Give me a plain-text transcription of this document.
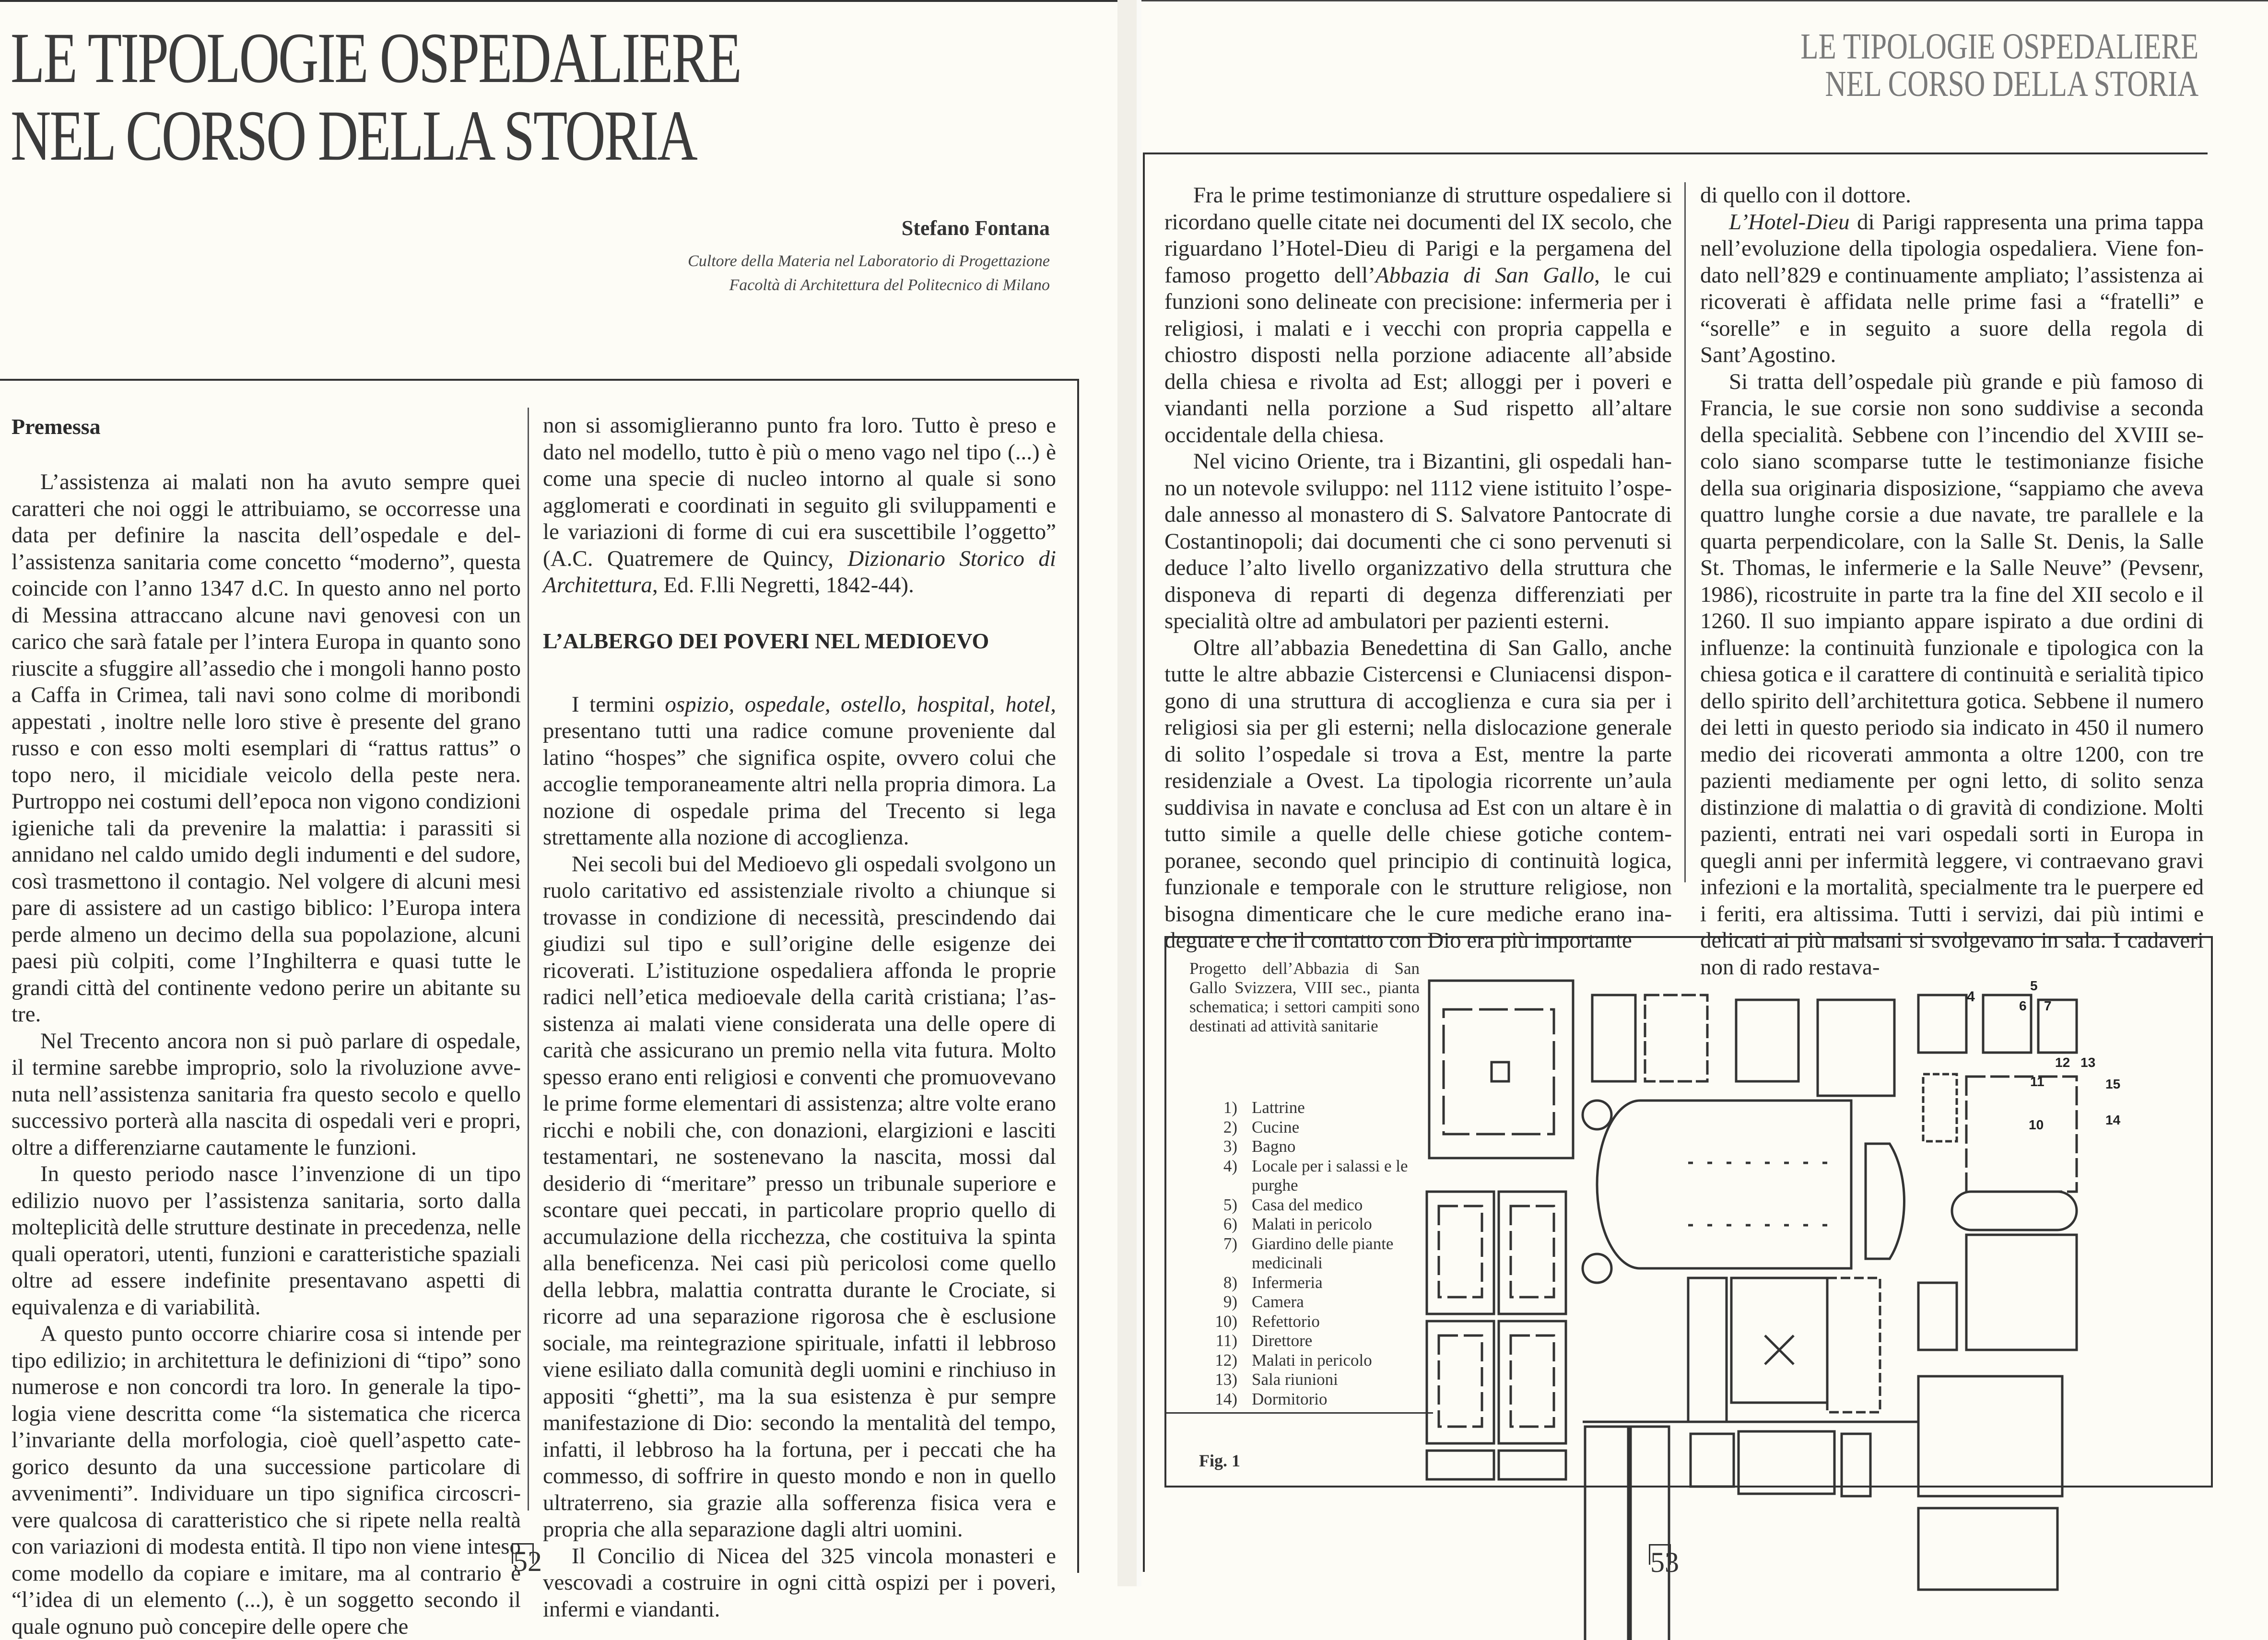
LE TIPOLOGIE OSPEDALIERE
NEL CORSO DELLA STORIA
Stefano Fontana
Cultore della Materia nel Laboratorio di Progettazione
Facoltà di Architettura del Politecnico di Milano
Premessa

L’assistenza ai malati non ha avuto sempre quei caratteri che noi oggi le attribuiamo, se occorresse una data per definire la nascita dell’ospedale e dell’assistenza sanitaria come concetto “moderno”, questa coincide con l’anno 1347 d.C. In questo anno nel porto di Messina attraccano alcune navi genovesi con un carico che sarà fatale per l’intera Europa in quanto sono riuscite a sfuggire all’assedio che i mongoli hanno posto a Caffa in Crimea, tali navi sono colme di moribondi appestati , inoltre nelle loro stive è presente del grano russo e con esso molti esemplari di “rattus rattus” o topo nero, il micidiale veicolo della peste nera. Purtroppo nei costumi dell’epoca non vigono condizioni igieniche tali da prevenire la malattia: i parassiti si annidano nel caldo umido degli indumenti e del sudore, così trasmettono il contagio. Nel volgere di alcuni mesi pare di assistere ad un castigo biblico: l’Europa intera perde almeno un decimo della sua popolazione, alcuni paesi più colpiti, come l’Inghilterra e quasi tutte le grandi città del continente vedono perire un abitante su tre.

Nel Trecento ancora non si può parlare di ospedale, il termine sarebbe improprio, solo la rivoluzione avvenuta nell’assistenza sanitaria fra questo secolo e quello successivo porterà alla nascita di ospedali veri e propri, oltre a differenziarne cautamente le funzioni.

In questo periodo nasce l’invenzione di un tipo edilizio nuovo per l’assistenza sanitaria, sorto dalla molteplicità delle strutture destinate in precedenza, nelle quali operatori, utenti, funzioni e caratteristiche spaziali oltre ad essere indefinite presentavano aspetti di equivalenza e di variabilità.

A questo punto occorre chiarire cosa si intende per tipo edilizio; in architettura le definizioni di “tipo” sono numerose e non concordi tra loro. In generale la tipologia viene descritta come “la sistematica che ricerca l’invariante della morfologia, cioè quell’aspetto categorico desunto da una successione particolare di avvenimenti”. Individuare un tipo significa circoscrivere qualcosa di caratteristico che si ripete nella realtà con variazioni di modesta entità. Il tipo non viene inteso come modello da copiare e imitare, ma al contrario è “l’idea di un elemento (...), è un soggetto secondo il quale ognuno può concepire delle opere che

non si assomiglieranno punto fra loro. Tutto è preso e dato nel modello, tutto è più o meno vago nel tipo (...) è come una specie di nucleo intorno al quale si sono agglomerati e coordinati in seguito gli sviluppamenti e le variazioni di forme di cui era suscettibile l’oggetto” (A.C. Quatremere de Quincy, Dizionario Storico di Architettura, Ed. F.lli Negretti, 1842-44).

L’ALBERGO DEI POVERI NEL MEDIOEVO

I termini ospizio, ospedale, ostello, hospital, hotel, presentano tutti una radice comune proveniente dal latino “hospes” che significa ospite, ovvero colui che accoglie temporaneamente altri nella propria dimora. La nozione di ospedale prima del Trecento si lega strettamente alla nozione di accoglienza.

Nei secoli bui del Medioevo gli ospedali svolgono un ruolo caritativo ed assistenziale rivolto a chiunque si trovasse in condizione di necessità, prescindendo dai giudizi sul tipo e sull’origine delle esigenze dei ricoverati. L’istituzione ospedaliera affonda le proprie radici nell’etica medioevale della carità cristiana; l’assistenza ai malati viene considerata una delle opere di carità che assicurano un premio nella vita futura. Molto spesso erano enti religiosi e conventi che promuovevano le prime forme elementari di assistenza; altre volte erano ricchi e nobili che, con donazioni, elargizioni e lasciti testamentari, ne sostenevano la nascita, mossi dal desiderio di “meritare” presso un tribunale superiore e scontare quei peccati, in particolare proprio quello di accumulazione della ricchezza, che costituiva la spinta alla beneficenza. Nei casi più pericolosi come quello della lebbra, malattia contratta durante le Crociate, si ricorre ad una separazione rigorosa che è esclusione sociale, ma reintegrazione spirituale, infatti il lebbroso viene esiliato dalla comunità degli uomini e rinchiuso in appositi “ghetti”, ma la sua esistenza è pur sempre manifestazione di Dio: secondo la mentalità del tempo, infatti, il lebbroso ha la fortuna, per i peccati che ha commesso, di soffrire in questo mondo e non in quello ultraterreno, sia grazie alla sofferenza fisica vera e propria che alla separazione dagli altri uomini.

Il Concilio di Nicea del 325 vincola monasteri e vescovadi a costruire in ogni città ospizi per i poveri, infermi e viandanti.

52
LE TIPOLOGIE OSPEDALIERE
NEL CORSO DELLA STORIA

Fra le prime testimonianze di strutture ospedaliere si ricordano quelle citate nei documenti del IX secolo, che riguardano l’Hotel-Dieu di Parigi e la pergamena del famoso progetto dell’Abbazia di San Gallo, le cui funzioni sono delineate con precisione: infermeria per i religiosi, i malati e i vecchi con propria cappella e chiostro disposti nella porzione adiacente all’abside della chiesa e rivolta ad Est; alloggi per i poveri e viandanti nella porzione a Sud rispetto all’altare occidentale della chiesa.

Nel vicino Oriente, tra i Bizantini, gli ospedali hanno un notevole sviluppo: nel 1112 viene istituito l’ospedale annesso al monastero di S. Salvatore Pantocrate di Costantinopoli; dai documenti che ci sono pervenuti si deduce l’alto livello organizzativo della struttura che disponeva di reparti di degenza differenziati per specialità oltre ad ambulatori per pazienti esterni.

Oltre all’abbazia Benedettina di San Gallo, anche tutte le altre abbazie Cistercensi e Cluniacensi dispongono di una struttura di accoglienza e cura sia per i religiosi sia per gli esterni; nella dislocazione generale di solito l’ospedale si trova a Est, mentre la parte residenziale a Ovest. La tipologia ricorrente un’aula suddivisa in navate e conclusa ad Est con un altare è in tutto simile a quelle delle chiese gotiche contemporanee, secondo quel principio di continuità logica, funzionale e temporale con le strutture religiose, non bisogna dimenticare che le cure mediche erano inadeguate e che il contatto con Dio era più importante

di quello con il dottore.

L’Hotel-Dieu di Parigi rappresenta una prima tappa nell’evoluzione della tipologia ospedaliera. Viene fondato nell’829 e continuamente ampliato; l’assistenza ai ricoverati è affidata nelle prime fasi a “fratelli” e “sorelle” e in seguito a suore della regola di Sant’Agostino.

Si tratta dell’ospedale più grande e più famoso di Francia, le sue corsie non sono suddivise a seconda della specialità. Sebbene con l’incendio del XVIII secolo siano scomparse tutte le testimonianze fisiche della sua originaria disposizione, “sappiamo che aveva quattro lunghe corsie a due navate, tre parallele e la quarta perpendicolare, con la Salle St. Denis, la Salle St. Thomas, le infermerie e la Salle Neuve” (Pevsenr, 1986), ricostruite in parte tra la fine del XII secolo e il 1260. Il suo impianto appare ispirato a due ordini di influenze: la continuità funzionale e tipologica con la chiesa gotica e il carattere di continuità e serialità tipico dello spirito dell’architettura gotica. Sebbene il numero dei letti in questo periodo sia indicato in 450 il numero medio dei ricoverati ammonta a oltre 1200, con tre pazienti mediamente per ogni letto, di solito senza distinzione di malattia o di gravità di condizione. Molti pazienti, entrati nei vari ospedali sorti in Europa in quegli anni per infermità leggere, vi contraevano gravi infezioni e la mortalità, specialmente tra le puerpere ed i feriti, era altissima. Tutti i servizi, dai più intimi e delicati ai più malsani si svolgevano in sala. I cadaveri non di rado restava-

Progetto dell’Abbazia di San Gallo Svizzera, VIII sec., pianta schematica; i settori campiti sono destinati ad attività sanitarie
1) Lattrine
2) Cucine
3) Bagno
4) Locale per i salassi e le purghe
5) Casa del medico
6) Malati in pericolo
7) Giardino delle piante medicinali
8) Infermeria
9) Camera
10) Refettorio
11) Direttore
12) Malati in pericolo
13) Sala riunioni
14) Dormitorio
Fig. 1
4
5
6 7
10
11
12 13
14
15
53
